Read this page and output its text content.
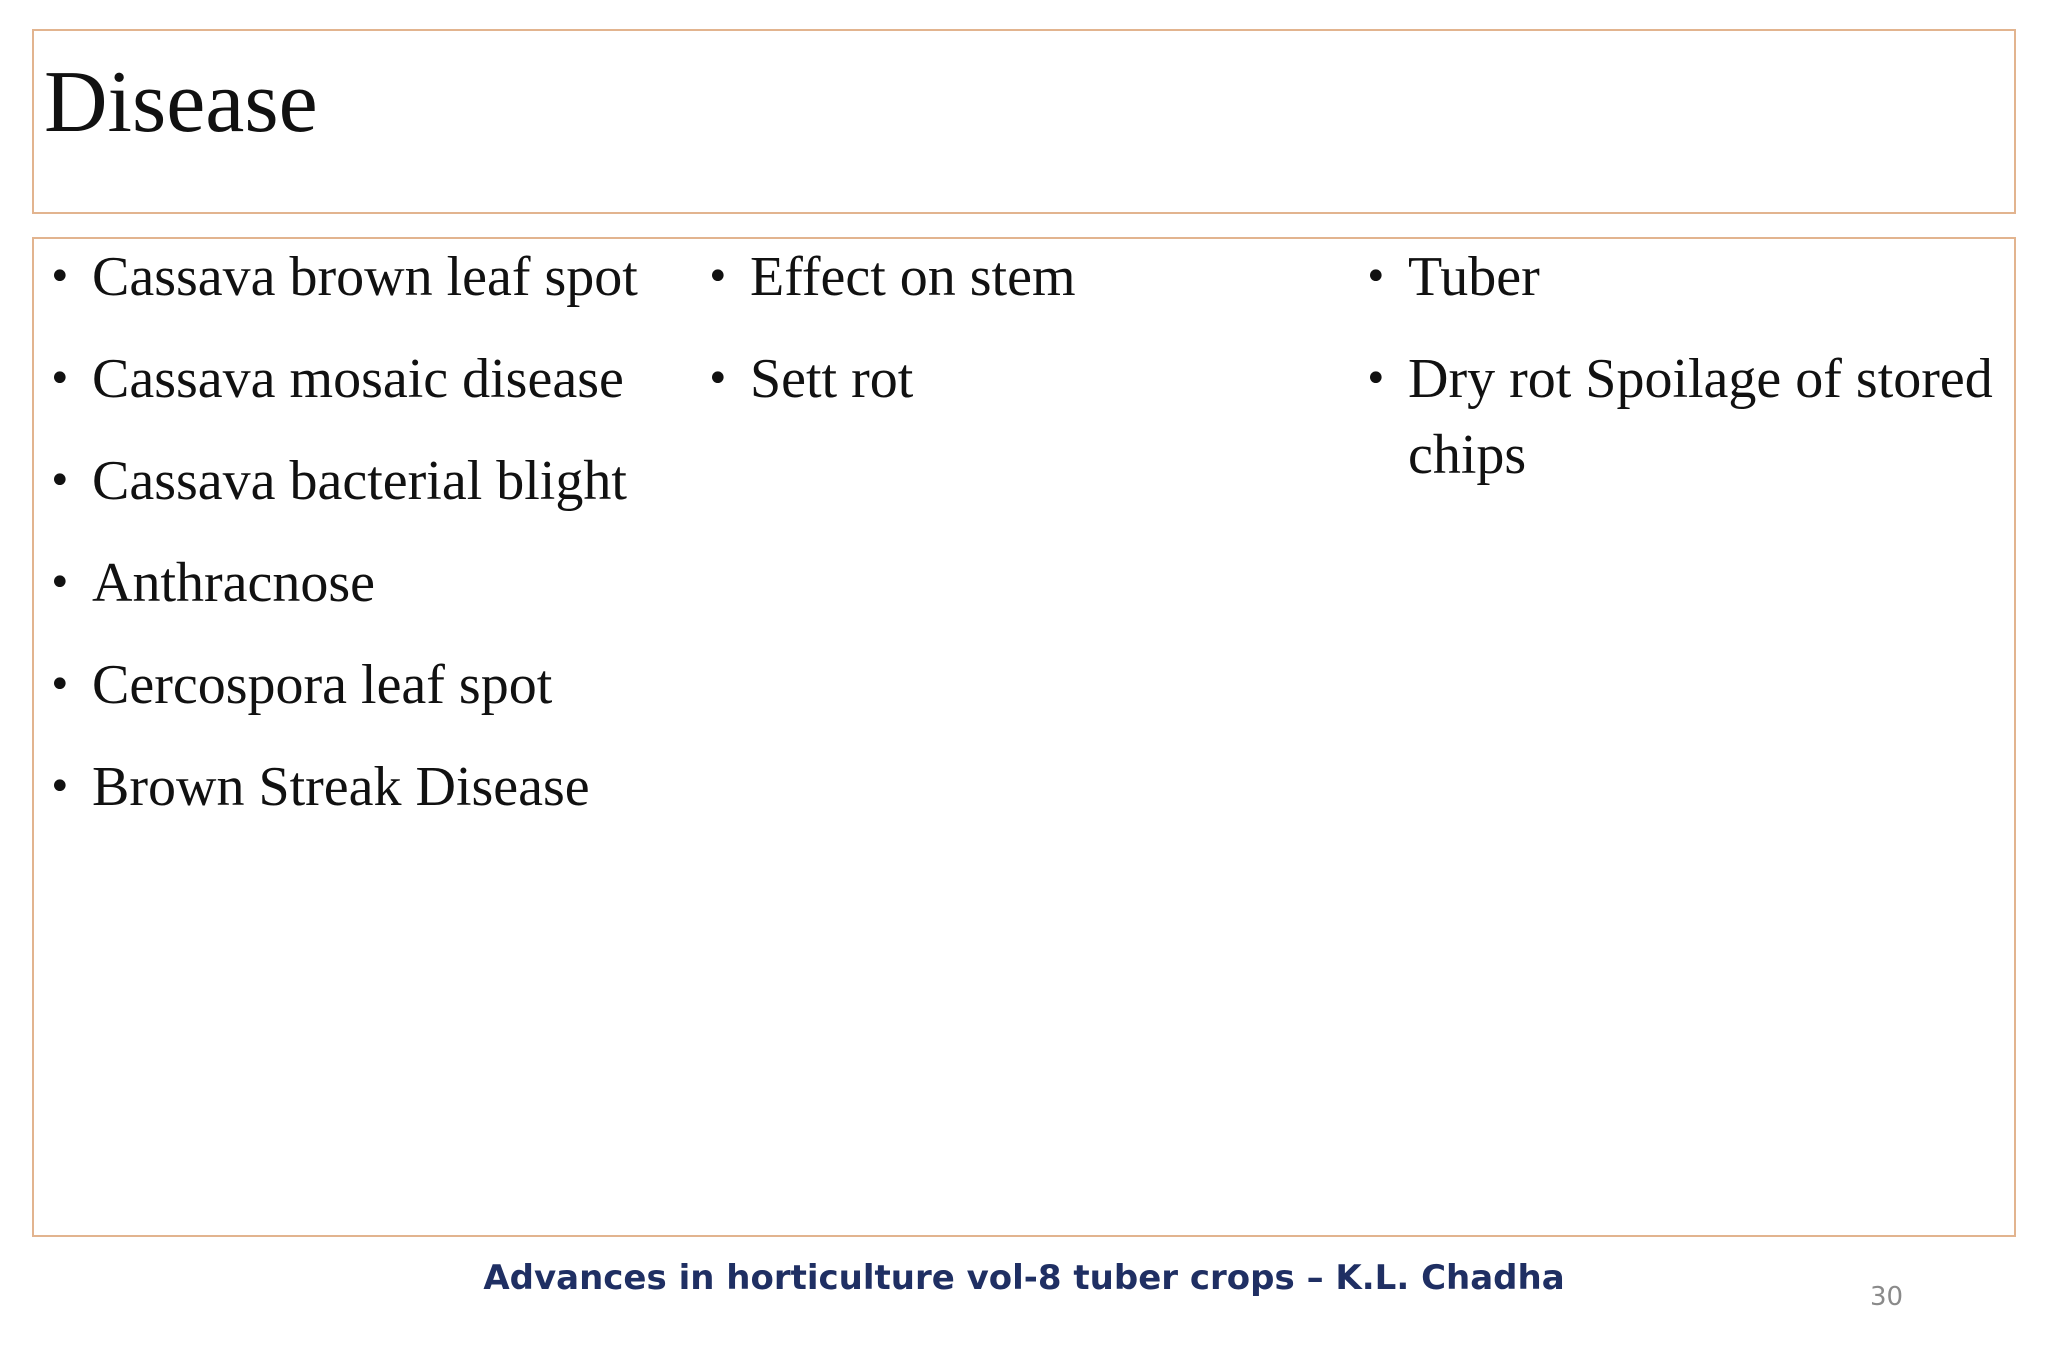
Disease
• Cassava brown leaf spot
• Cassava mosaic disease
• Cassava bacterial blight
• Anthracnose
• Cercospora leaf spot
• Brown Streak Disease
• Effect on stem
• Sett rot
• Tuber
• Dry rot Spoilage of stored chips
Advances in horticulture vol-8 tuber crops – K.L. Chadha	30
